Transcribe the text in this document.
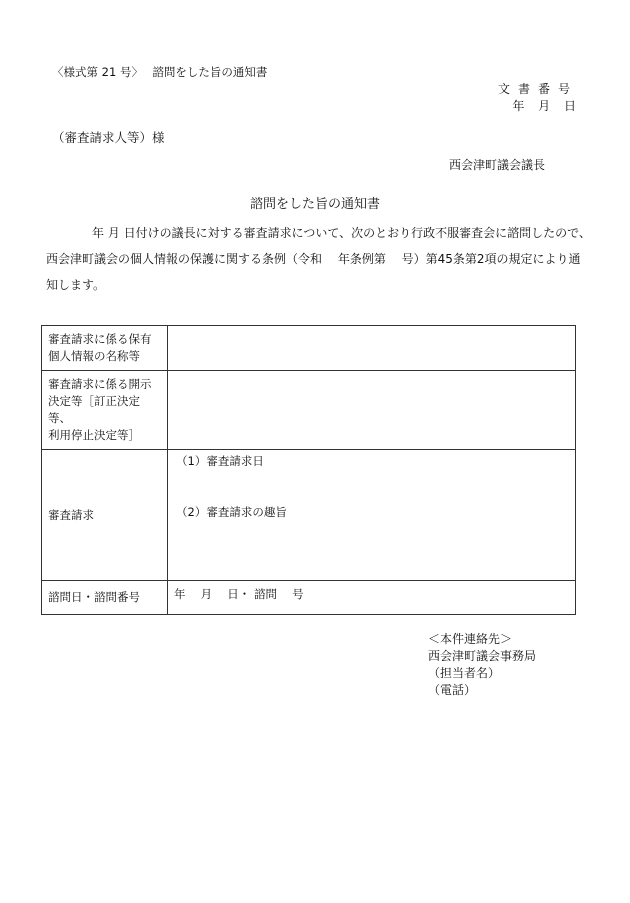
〈様式第 21 号〉　 諮問をした旨の通知書
文書番号
年 月 日
（審査請求人等）様
西会津町議会議長
諮問をした旨の通知書
年 月 日付けの議長に対する審査請求について、次のとおり行政不服審査会に諮問したので、
西会津町議会の個人情報の保護に関する条例（令和　 年条例第　 号）第45条第2項の規定により通
知します。
審査請求に係る保有
個人情報の名称等	

審査請求に係る開示
決定等［訂正決定等、
利用停止決定等］	

審査請求	（1）審査請求日
（2）審査請求の趣旨

諮問日・諮問番号	年　 月　 日・ 諮問　 号
＜本件連絡先＞
西会津町議会事務局
（担当者名）
（電話）
